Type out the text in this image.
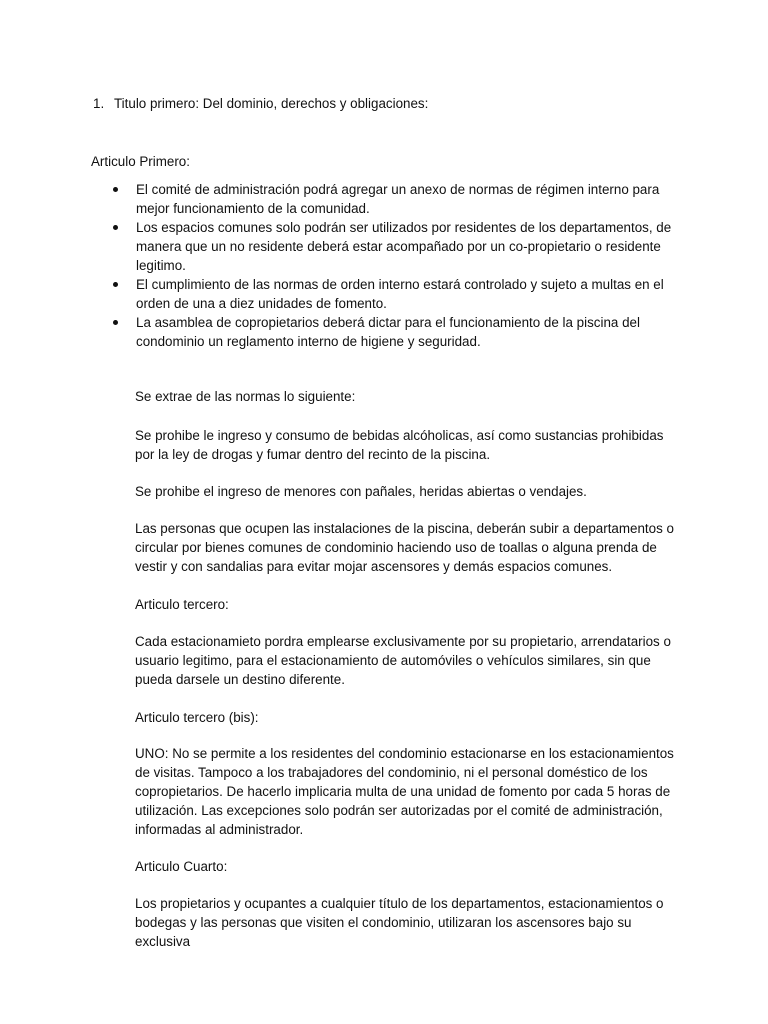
1. Titulo primero: Del dominio, derechos y obligaciones:
Articulo Primero:
El comité de administración podrá agregar un anexo de normas de régimen interno para mejor funcionamiento de la comunidad.
Los espacios comunes solo podrán ser utilizados por residentes de los departamentos, de manera que un no residente deberá estar acompañado por un co-propietario o residente legitimo.
El cumplimiento de las normas de orden interno estará controlado y sujeto a multas en el orden de una a diez unidades de fomento.
La asamblea de copropietarios deberá dictar para el funcionamiento de la piscina del condominio un reglamento interno de higiene y seguridad.
Se extrae de las normas lo siguiente:

Se prohibe le ingreso y consumo de bebidas alcóholicas, así como sustancias prohibidas por la ley de drogas y fumar dentro del recinto de la piscina.

Se prohibe el ingreso de menores con pañales, heridas abiertas o vendajes.

Las personas que ocupen las instalaciones de la piscina, deberán subir a departamentos o circular por bienes comunes de condominio haciendo uso de toallas o alguna prenda de vestir y con sandalias para evitar mojar ascensores y demás espacios comunes.

Articulo tercero:

Cada estacionamieto pordra emplearse exclusivamente por su propietario, arrendatarios o usuario legitimo, para el estacionamiento de automóviles o vehículos similares, sin que pueda darsele un destino diferente.

Articulo tercero (bis):

UNO: No se permite a los residentes del condominio estacionarse en los estacionamientos de visitas. Tampoco a los trabajadores del condominio, ni el personal doméstico de los copropietarios. De hacerlo implicaria multa de una unidad de fomento por cada 5 horas de utilización. Las excepciones solo podrán ser autorizadas por el comité de administración, informadas al administrador.

Articulo Cuarto:

Los propietarios y ocupantes a cualquier título de los departamentos, estacionamientos o bodegas y las personas que visiten el condominio, utilizaran los ascensores bajo su exclusiva
